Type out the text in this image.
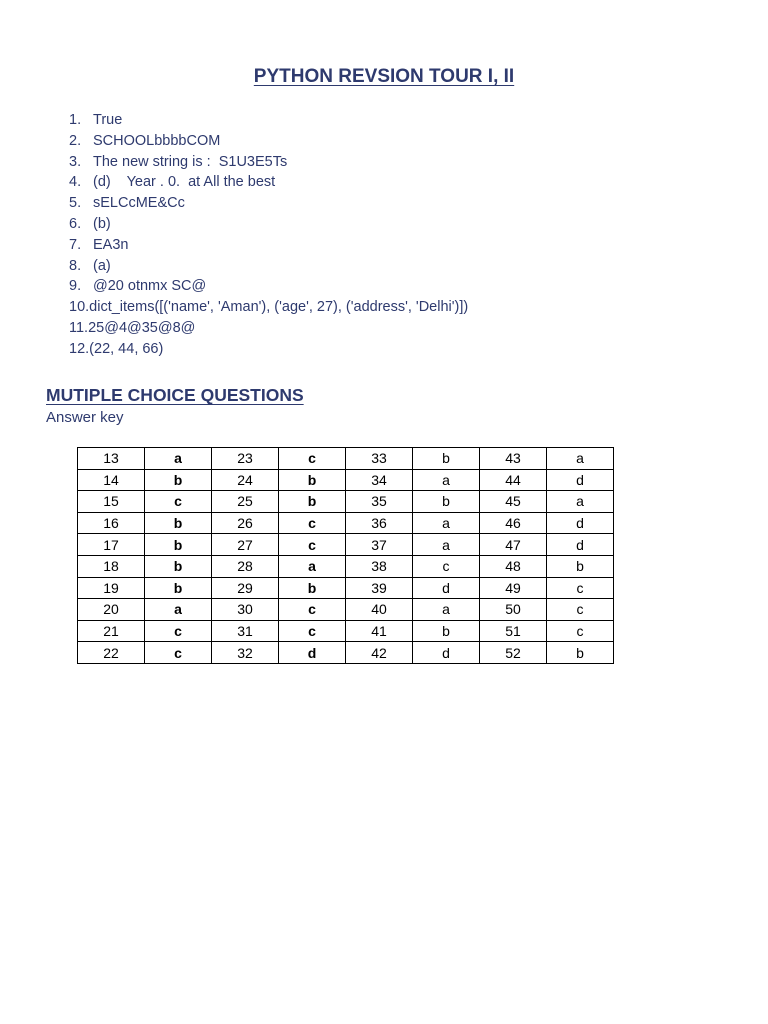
PYTHON REVSION TOUR I, II
1. True
2. SCHOOLbbbbCOM
3. The new string is :  S1U3E5Ts
4. (d)    Year . 0.  at All the best
5. sELCcME&Cc
6. (b)
7. EA3n
8. (a)
9. @20 otnmx SC@
10. dict_items([('name', 'Aman'), ('age', 27), ('address', 'Delhi')])
11. 25@4@35@8@
12. (22, 44, 66)
MUTIPLE CHOICE QUESTIONS
Answer key
13	a	23	c	33	b	43	a
14	b	24	b	34	a	44	d
15	c	25	b	35	b	45	a
16	b	26	c	36	a	46	d
17	b	27	c	37	a	47	d
18	b	28	a	38	c	48	b
19	b	29	b	39	d	49	c
20	a	30	c	40	a	50	c
21	c	31	c	41	b	51	c
22	c	32	d	42	d	52	b
